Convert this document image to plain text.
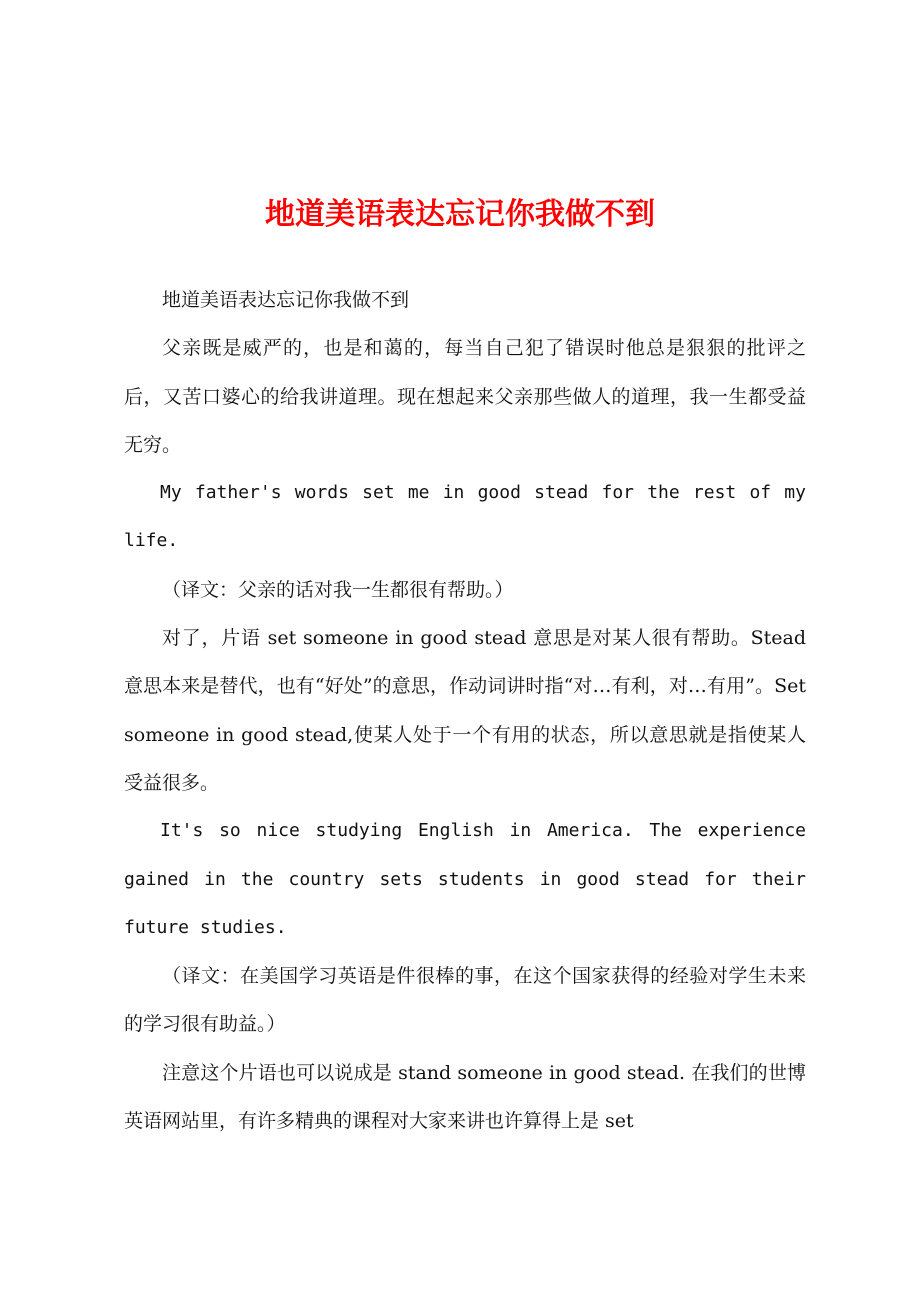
地道美语表达忘记你我做不到

地道美语表达忘记你我做不到

父亲既是威严的，也是和蔼的，每当自己犯了错误时他总是狠狠的批评之后，又苦口婆心的给我讲道理。现在想起来父亲那些做人的道理，我一生都受益无穷。

My father's words set me in good stead for the rest of my life.

（译文：父亲的话对我一生都很有帮助。）

对了，片语 set someone in good stead 意思是对某人很有帮助。Stead 意思本来是替代，也有“好处”的意思，作动词讲时指“对…有利，对…有用”。Set someone in good stead,使某人处于一个有用的状态，所以意思就是指使某人受益很多。

It's so nice studying English in America. The experience gained in the country sets students in good stead for their future studies.

（译文：在美国学习英语是件很棒的事，在这个国家获得的经验对学生未来的学习很有助益。）

注意这个片语也可以说成是 stand someone in good stead. 在我们的世博英语网站里，有许多精典的课程对大家来讲也许算得上是 set
